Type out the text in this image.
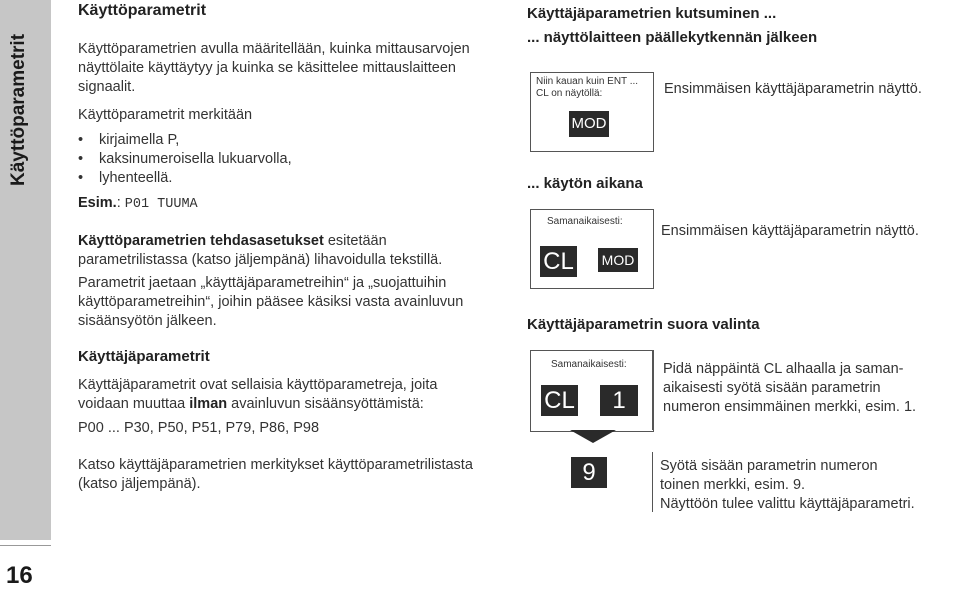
Käyttöparametrit
16
Käyttöparametrit
Käyttöparametrien avulla määritellään, kuinka mittausarvojen
näyttölaite käyttäytyy ja kuinka se käsittelee mittauslaitteen
signaalit.
Käyttöparametrit merkitään
• kirjaimella P,
• kaksinumeroisella lukuarvolla,
• lyhenteellä.
Esim.: P01 TUUMA
Käyttöparametrien tehdasasetukset esitetään
parametrilistassa (katso jäljempänä) lihavoidulla tekstillä.
Parametrit jaetaan „käyttäjäparametreihin“ ja „suojattuihin
käyttöparametreihin“, joihin pääsee käsiksi vasta avainluvun
sisäänsyötön jälkeen.
Käyttäjäparametrit
Käyttäjäparametrit ovat sellaisia käyttöparametreja, joita
voidaan muuttaa ilman avainluvun sisäänsyöttämistä:
P00 ... P30, P50, P51, P79, P86, P98
Katso käyttäjäparametrien merkitykset käyttöparametrilistasta
(katso jäljempänä).
Käyttäjäparametrien kutsuminen ...
... näyttölaitteen päällekytkennän jälkeen
Niin kauan kuin ENT ...
CL on näytöllä:
MOD
Ensimmäisen käyttäjäparametrin näyttö.
... käytön aikana
Samanaikaisesti:
CL MOD
Ensimmäisen käyttäjäparametrin näyttö.
Käyttäjäparametrin suora valinta
Samanaikaisesti:
CL	1
Pidä näppäintä CL alhaalla ja saman-
aikaisesti syötä sisään parametrin
numeron ensimmäinen merkki, esim. 1.
9	Syötä sisään parametrin numeron
toinen merkki, esim. 9.
Näyttöön tulee valittu käyttäjäparametri.
